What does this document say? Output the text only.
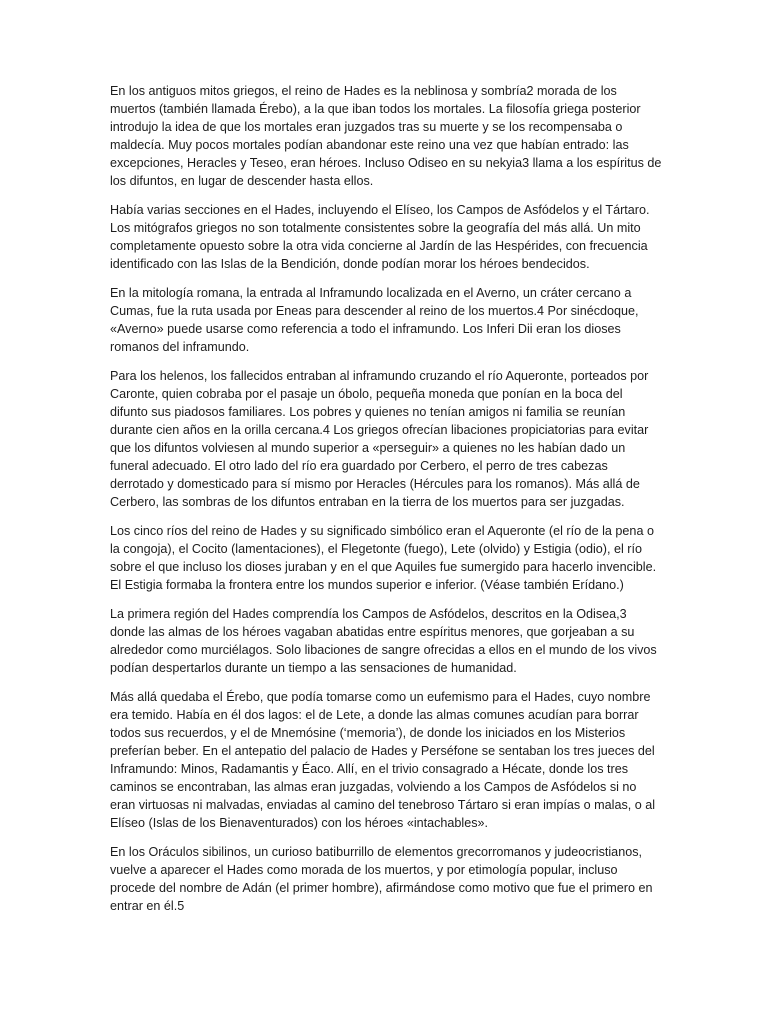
En los antiguos mitos griegos, el reino de Hades es la neblinosa y sombría2 morada de los muertos (también llamada Érebo), a la que iban todos los mortales. La filosofía griega posterior introdujo la idea de que los mortales eran juzgados tras su muerte y se los recompensaba o maldecía. Muy pocos mortales podían abandonar este reino una vez que habían entrado: las excepciones, Heracles y Teseo, eran héroes. Incluso Odiseo en su nekyia3 llama a los espíritus de los difuntos, en lugar de descender hasta ellos.

Había varias secciones en el Hades, incluyendo el Elíseo, los Campos de Asfódelos y el Tártaro. Los mitógrafos griegos no son totalmente consistentes sobre la geografía del más allá. Un mito completamente opuesto sobre la otra vida concierne al Jardín de las Hespérides, con frecuencia identificado con las Islas de la Bendición, donde podían morar los héroes bendecidos.

En la mitología romana, la entrada al Inframundo localizada en el Averno, un cráter cercano a Cumas, fue la ruta usada por Eneas para descender al reino de los muertos.4 Por sinécdoque, «Averno» puede usarse como referencia a todo el inframundo. Los Inferi Dii eran los dioses romanos del inframundo.

Para los helenos, los fallecidos entraban al inframundo cruzando el río Aqueronte, porteados por Caronte, quien cobraba por el pasaje un óbolo, pequeña moneda que ponían en la boca del difunto sus piadosos familiares. Los pobres y quienes no tenían amigos ni familia se reunían durante cien años en la orilla cercana.4 Los griegos ofrecían libaciones propiciatorias para evitar que los difuntos volviesen al mundo superior a «perseguir» a quienes no les habían dado un funeral adecuado. El otro lado del río era guardado por Cerbero, el perro de tres cabezas derrotado y domesticado para sí mismo por Heracles (Hércules para los romanos). Más allá de Cerbero, las sombras de los difuntos entraban en la tierra de los muertos para ser juzgadas.

Los cinco ríos del reino de Hades y su significado simbólico eran el Aqueronte (el río de la pena o la congoja), el Cocito (lamentaciones), el Flegetonte (fuego), Lete (olvido) y Estigia (odio), el río sobre el que incluso los dioses juraban y en el que Aquiles fue sumergido para hacerlo invencible. El Estigia formaba la frontera entre los mundos superior e inferior. (Véase también Erídano.)

La primera región del Hades comprendía los Campos de Asfódelos, descritos en la Odisea,3 donde las almas de los héroes vagaban abatidas entre espíritus menores, que gorjeaban a su alrededor como murciélagos. Solo libaciones de sangre ofrecidas a ellos en el mundo de los vivos podían despertarlos durante un tiempo a las sensaciones de humanidad.

Más allá quedaba el Érebo, que podía tomarse como un eufemismo para el Hades, cuyo nombre era temido. Había en él dos lagos: el de Lete, a donde las almas comunes acudían para borrar todos sus recuerdos, y el de Mnemósine (‘memoria’), de donde los iniciados en los Misterios preferían beber. En el antepatio del palacio de Hades y Perséfone se sentaban los tres jueces del Inframundo: Minos, Radamantis y Éaco. Allí, en el trivio consagrado a Hécate, donde los tres caminos se encontraban, las almas eran juzgadas, volviendo a los Campos de Asfódelos si no eran virtuosas ni malvadas, enviadas al camino del tenebroso Tártaro si eran impías o malas, o al Elíseo (Islas de los Bienaventurados) con los héroes «intachables».

En los Oráculos sibilinos, un curioso batiburrillo de elementos grecorromanos y judeocristianos, vuelve a aparecer el Hades como morada de los muertos, y por etimología popular, incluso procede del nombre de Adán (el primer hombre), afirmándose como motivo que fue el primero en entrar en él.5
